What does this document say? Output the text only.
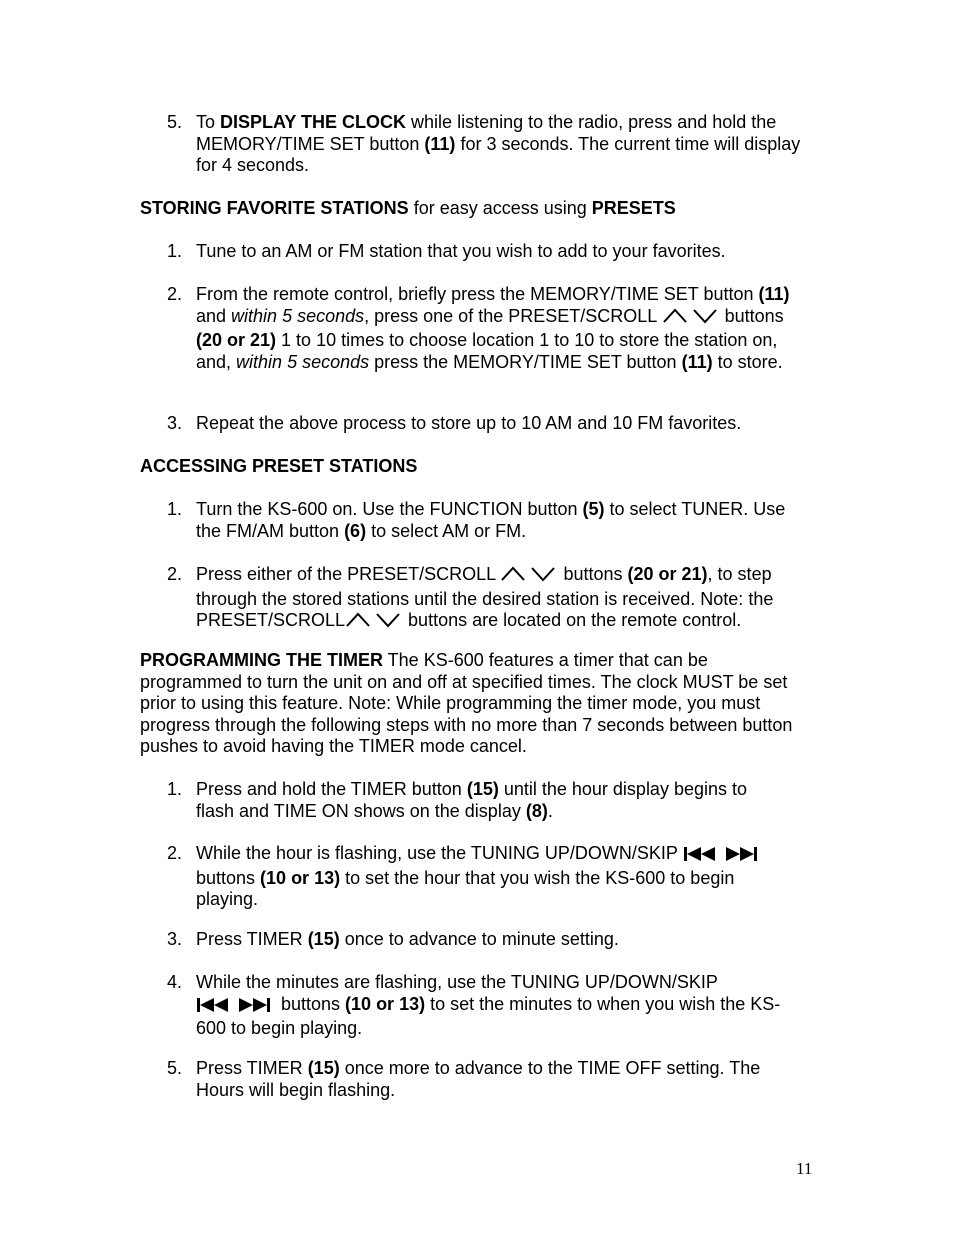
5. To DISPLAY THE CLOCK while listening to the radio, press and hold the MEMORY/TIME SET button (11) for 3 seconds. The current time will display for 4 seconds.

STORING FAVORITE STATIONS for easy access using PRESETS

1. Tune to an AM or FM station that you wish to add to your favorites.
2. From the remote control, briefly press the MEMORY/TIME SET button (11) and within 5 seconds, press one of the PRESET/SCROLL	buttons (20 or 21) 1 to 10 times to choose location 1 to 10 to store the station on, and, within 5 seconds press the MEMORY/TIME SET button (11) to store.
3. Repeat the above process to store up to 10 AM and 10 FM favorites.

ACCESSING PRESET STATIONS

1. Turn the KS-600 on. Use the FUNCTION button (5) to select TUNER. Use the FM/AM button (6) to select AM or FM.
2. Press either of the PRESET/SCROLL	buttons (20 or 21), to step through the stored stations until the desired station is received. Note: the PRESET/SCROLL	buttons are located on the remote control.

PROGRAMMING THE TIMER The KS-600 features a timer that can be programmed to turn the unit on and off at specified times. The clock MUST be set prior to using this feature. Note: While programming the timer mode, you must progress through the following steps with no more than 7 seconds between button pushes to avoid having the TIMER mode cancel.

1. Press and hold the TIMER button (15) until the hour display begins to flash and TIME ON shows on the display (8).
2. While the hour is flashing, use the TUNING UP/DOWN/SKIP  buttons (10 or 13) to set the hour that you wish the KS-600 to begin playing.
3. Press TIMER (15) once to advance to minute setting.
4. While the minutes are flashing, use the TUNING UP/DOWN/SKIP  buttons (10 or 13) to set the minutes to when you wish the KS-600 to begin playing.
5. Press TIMER (15) once more to advance to the TIME OFF setting. The Hours will begin flashing.
11
